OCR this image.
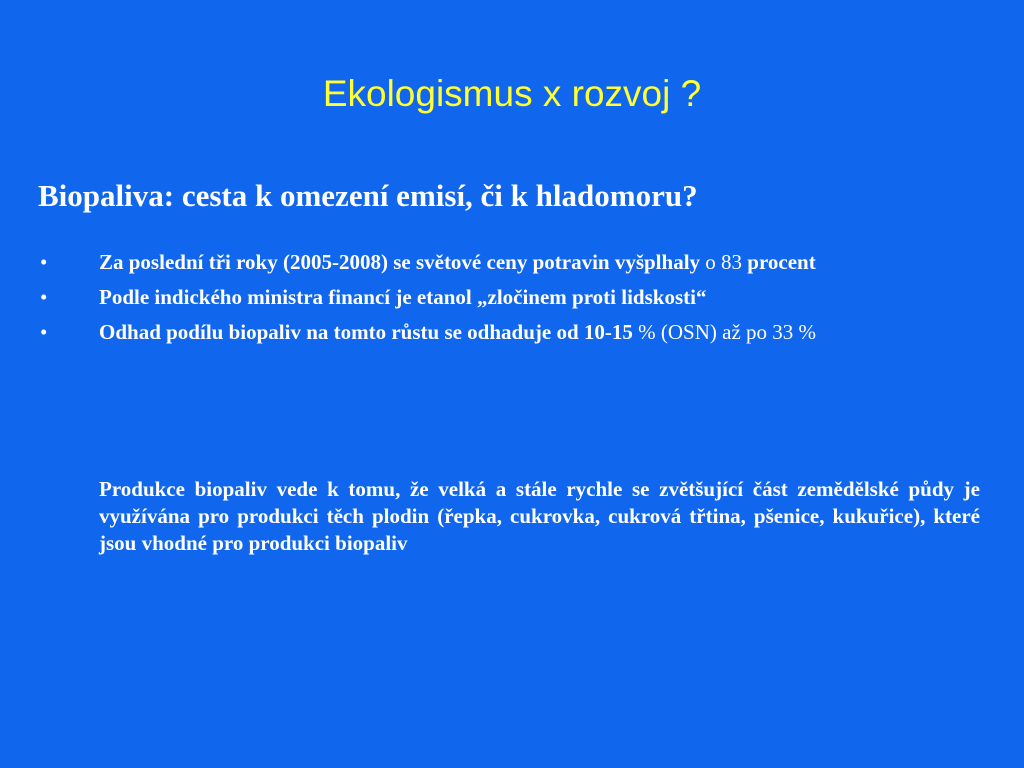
Ekologismus x rozvoj ?
Biopaliva: cesta k omezení emisí, či k hladomoru?
• Za poslední tři roky (2005-2008) se světové ceny potravin vyšplhaly o 83 procent
• Podle indického ministra financí je etanol „zločinem proti lidskosti“
• Odhad podílu biopaliv na tomto růstu se odhaduje od 10-15 % (OSN) až po 33 %

Produkce biopaliv vede k tomu, že velká a stále rychle se zvětšující část zemědělské půdy je využívána pro produkci těch plodin (řepka, cukrovka, cukrová třtina, pšenice, kukuřice), které jsou vhodné pro produkci biopaliv
